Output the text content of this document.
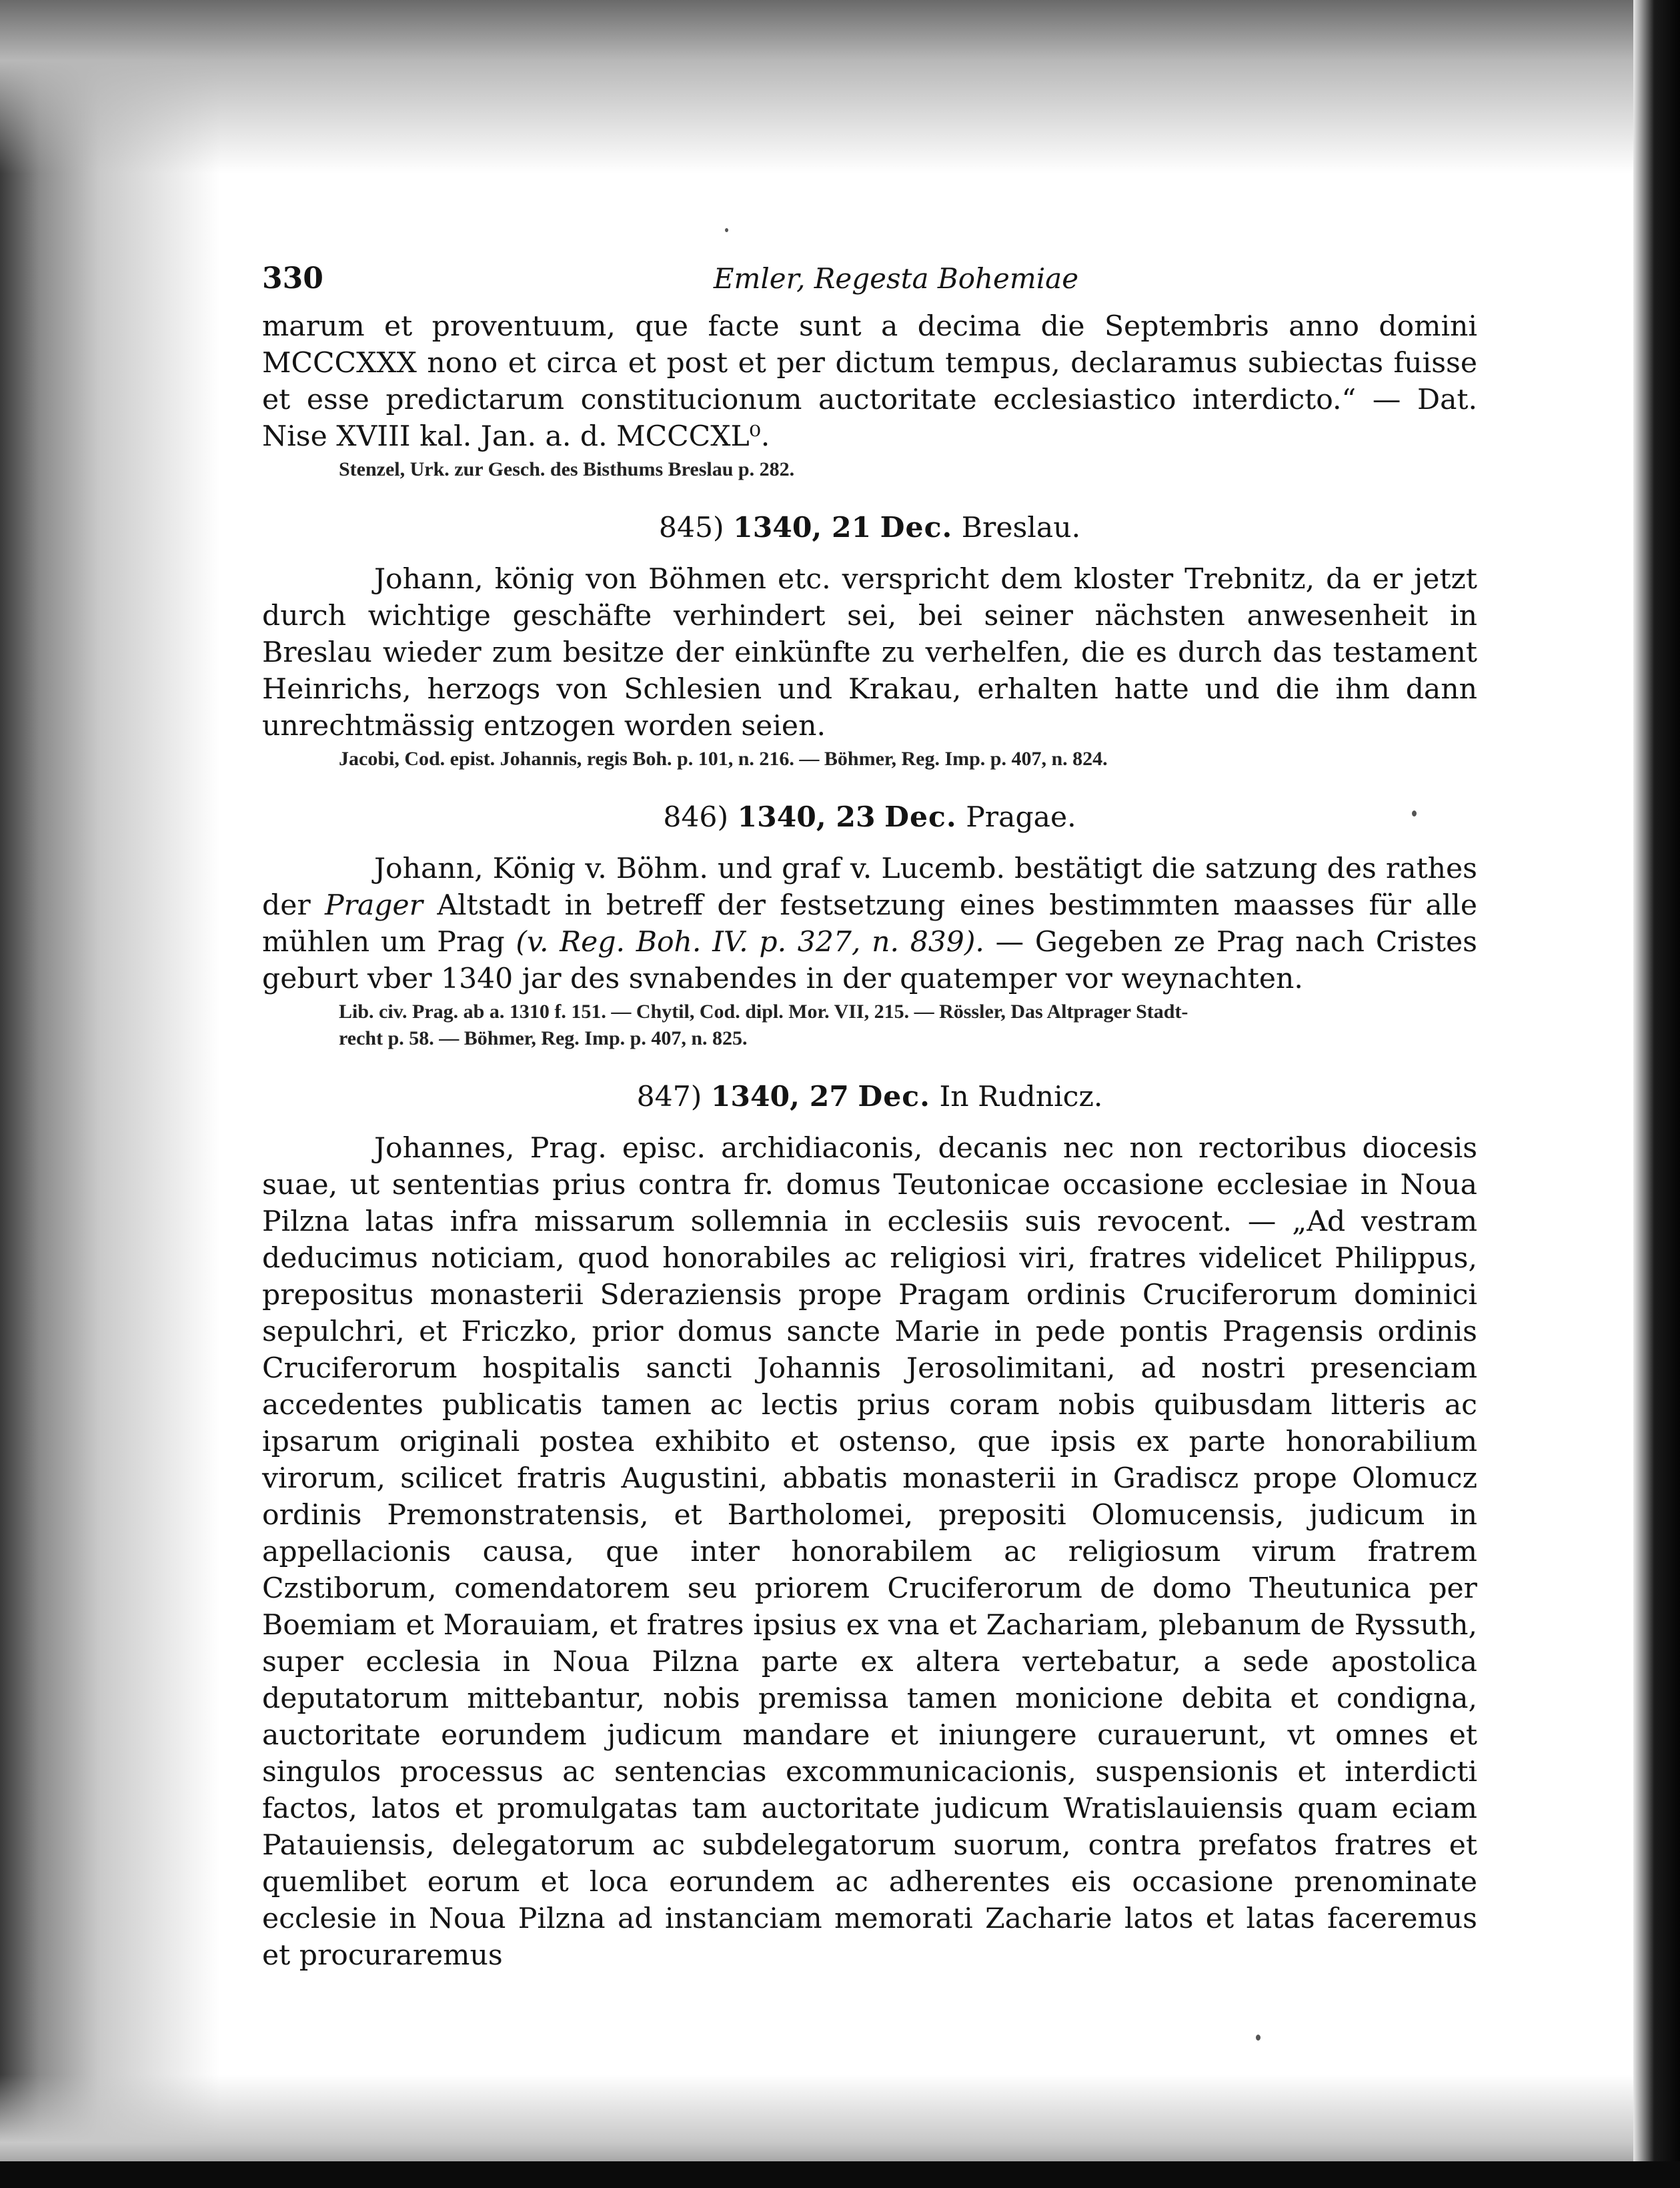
330	Emler, Regesta Bohemiae

marum et proventuum, que facte sunt a decima die Septembris anno domini MCCCXXX nono et circa et post et per dictum tempus, declaramus subiectas fuisse et esse predictarum constitucionum auctoritate ecclesiastico interdicto.“ — Dat. Nise XVIII kal. Jan. a. d. MCCCXL⁰.

Stenzel, Urk. zur Gesch. des Bisthums Breslau p. 282.

845) 1340, 21 Dec. Breslau.

Johann, könig von Böhmen etc. verspricht dem kloster Trebnitz, da er jetzt durch wichtige geschäfte verhindert sei, bei seiner nächsten anwesenheit in Breslau wieder zum besitze der einkünfte zu verhelfen, die es durch das testament Heinrichs, herzogs von Schlesien und Krakau, erhalten hatte und die ihm dann unrechtmässig entzogen worden seien.

Jacobi, Cod. epist. Johannis, regis Boh. p. 101, n. 216. — Böhmer, Reg. Imp. p. 407, n. 824.

846) 1340, 23 Dec. Pragae.

Johann, König v. Böhm. und graf v. Lucemb. bestätigt die satzung des rathes der Prager Altstadt in betreff der festsetzung eines bestimmten maasses für alle mühlen um Prag (v. Reg. Boh. IV. p. 327, n. 839). — Gegeben ze Prag nach Cristes geburt vber 1340 jar des svnabendes in der quatemper vor weynachten.

Lib. civ. Prag. ab a. 1310 f. 151. — Chytil, Cod. dipl. Mor. VII, 215. — Rössler, Das Altprager Stadt-

recht p. 58. — Böhmer, Reg. Imp. p. 407, n. 825.

847) 1340, 27 Dec. In Rudnicz.

Johannes, Prag. episc. archidiaconis, decanis nec non rectoribus diocesis suae, ut sententias prius contra fr. domus Teutonicae occasione ecclesiae in Noua Pilzna latas infra missarum sollemnia in ecclesiis suis revocent. — „Ad vestram deducimus noticiam, quod honorabiles ac religiosi viri, fratres videlicet Philippus, prepositus monasterii Sderaziensis prope Pragam ordinis Cruciferorum dominici sepulchri, et Friczko, prior domus sancte Marie in pede pontis Pragensis ordinis Cruciferorum hospitalis sancti Johannis Jerosolimitani, ad nostri presenciam accedentes publicatis tamen ac lectis prius coram nobis quibusdam litteris ac ipsarum originali postea exhibito et ostenso, que ipsis ex parte honorabilium virorum, scilicet fratris Augustini, abbatis monasterii in Gradiscz prope Olomucz ordinis Premonstratensis, et Bartholomei, prepositi Olomucensis, judicum in appellacionis causa, que inter honorabilem ac religiosum virum fratrem Czstiborum, comendatorem seu priorem Cruciferorum de domo Theutunica per Boemiam et Morauiam, et fratres ipsius ex vna et Zachariam, plebanum de Ryssuth, super ecclesia in Noua Pilzna parte ex altera vertebatur, a sede apostolica deputatorum mittebantur, nobis premissa tamen monicione debita et condigna, auctoritate eorundem judicum mandare et iniungere curauerunt, vt omnes et singulos processus ac sentencias excommunicacionis, suspensionis et interdicti factos, latos et promulgatas tam auctoritate judicum Wratislauiensis quam eciam Patauiensis, delegatorum ac subdelegatorum suorum, contra prefatos fratres et quemlibet eorum et loca eorundem ac adherentes eis occasione prenominate ecclesie in Noua Pilzna ad instanciam memorati Zacharie latos et latas faceremus et procuraremus
